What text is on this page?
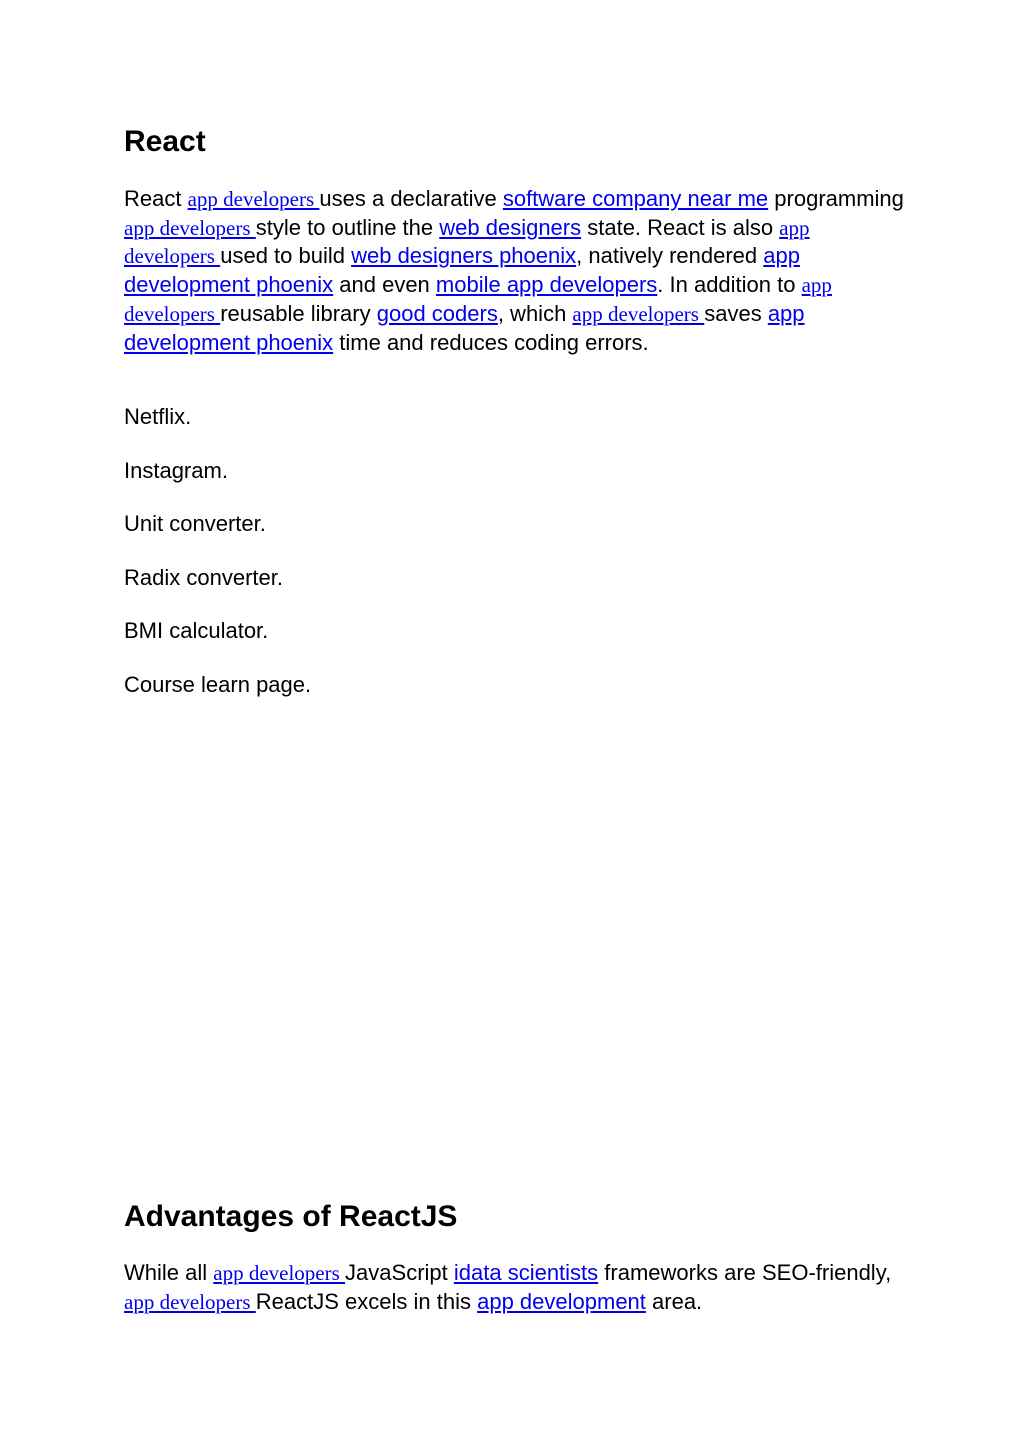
React

React app developers uses a declarative software company near me programming app developers style to outline the web designers state. React is also app developers used to build web designers phoenix, natively rendered app development phoenix and even mobile app developers. In addition to app developers reusable library good coders, which app developers saves app development phoenix time and reduces coding errors.

Netflix.
Instagram.
Unit converter.
Radix converter.
BMI calculator.
Course learn page.
Advantages of ReactJS

While all app developers JavaScript idata scientists frameworks are SEO-friendly, app developers ReactJS excels in this app development area.
